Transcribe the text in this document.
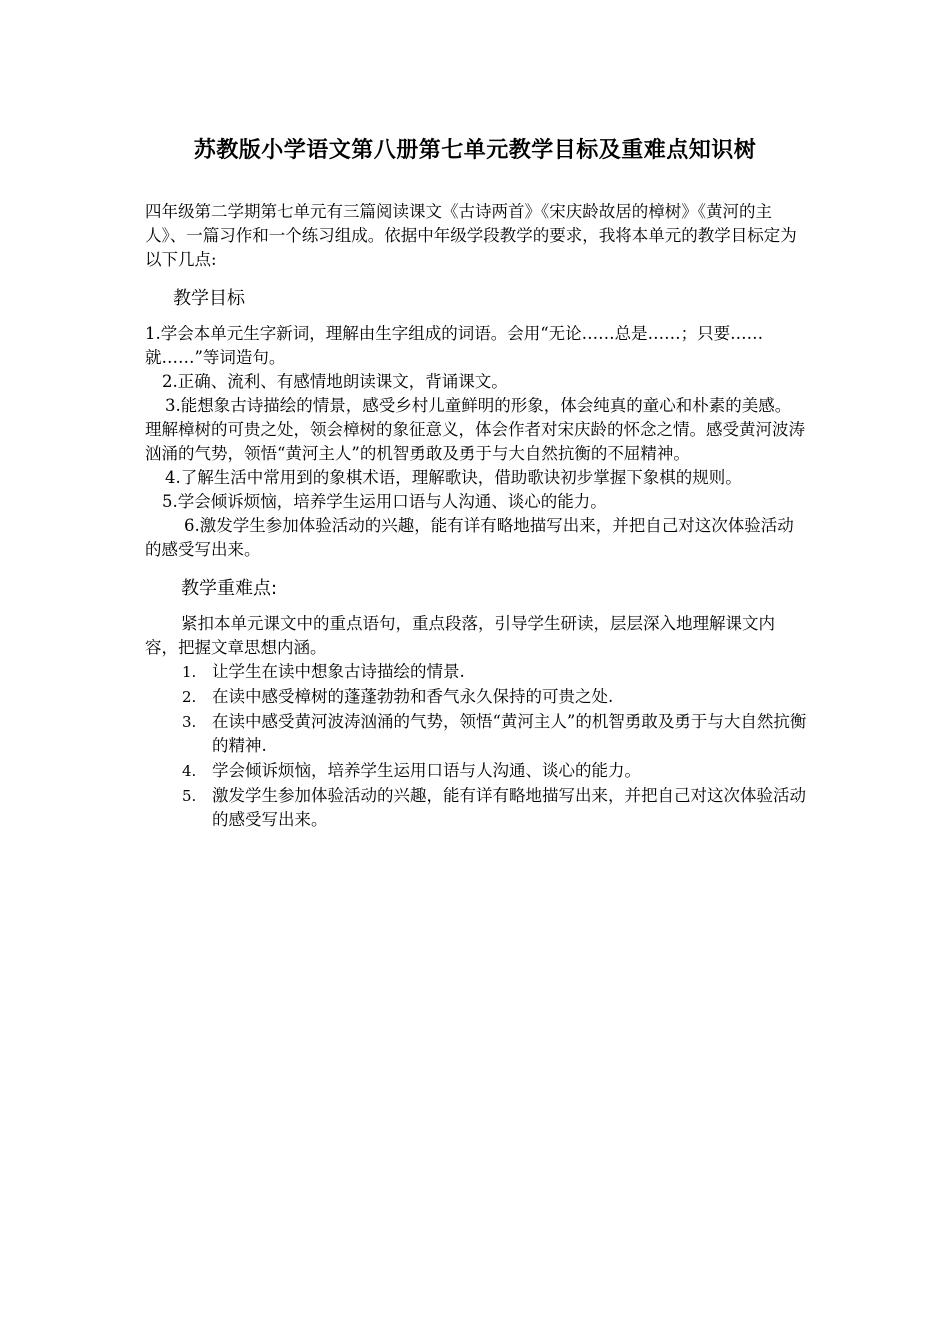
苏教版小学语文第八册第七单元教学目标及重难点知识树

四年级第二学期第七单元有三篇阅读课文《古诗两首》《宋庆龄故居的樟树》《黄河的主人》、一篇习作和一个练习组成。依据中年级学段教学的要求，我将本单元的教学目标定为以下几点:

教学目标

1.学会本单元生字新词，理解由生字组成的词语。会用“无论……总是……；只要……就……”等词造句。

2.正确、流利、有感情地朗读课文，背诵课文。

3.能想象古诗描绘的情景，感受乡村儿童鲜明的形象，体会纯真的童心和朴素的美感。理解樟树的可贵之处，领会樟树的象征意义，体会作者对宋庆龄的怀念之情。感受黄河波涛汹涌的气势，领悟“黄河主人”的机智勇敢及勇于与大自然抗衡的不屈精神。

4.了解生活中常用到的象棋术语，理解歌诀，借助歌诀初步掌握下象棋的规则。

5.学会倾诉烦恼，培养学生运用口语与人沟通、谈心的能力。

6.激发学生参加体验活动的兴趣，能有详有略地描写出来，并把自己对这次体验活动的感受写出来。

教学重难点:

紧扣本单元课文中的重点语句，重点段落，引导学生研读，层层深入地理解课文内容，把握文章思想内涵。

1. 让学生在读中想象古诗描绘的情景.
2. 在读中感受樟树的蓬蓬勃勃和香气永久保持的可贵之处.
3. 在读中感受黄河波涛汹涌的气势，领悟“黄河主人”的机智勇敢及勇于与大自然抗衡的精神.
4. 学会倾诉烦恼，培养学生运用口语与人沟通、谈心的能力。
5. 激发学生参加体验活动的兴趣，能有详有略地描写出来，并把自己对这次体验活动的感受写出来。
